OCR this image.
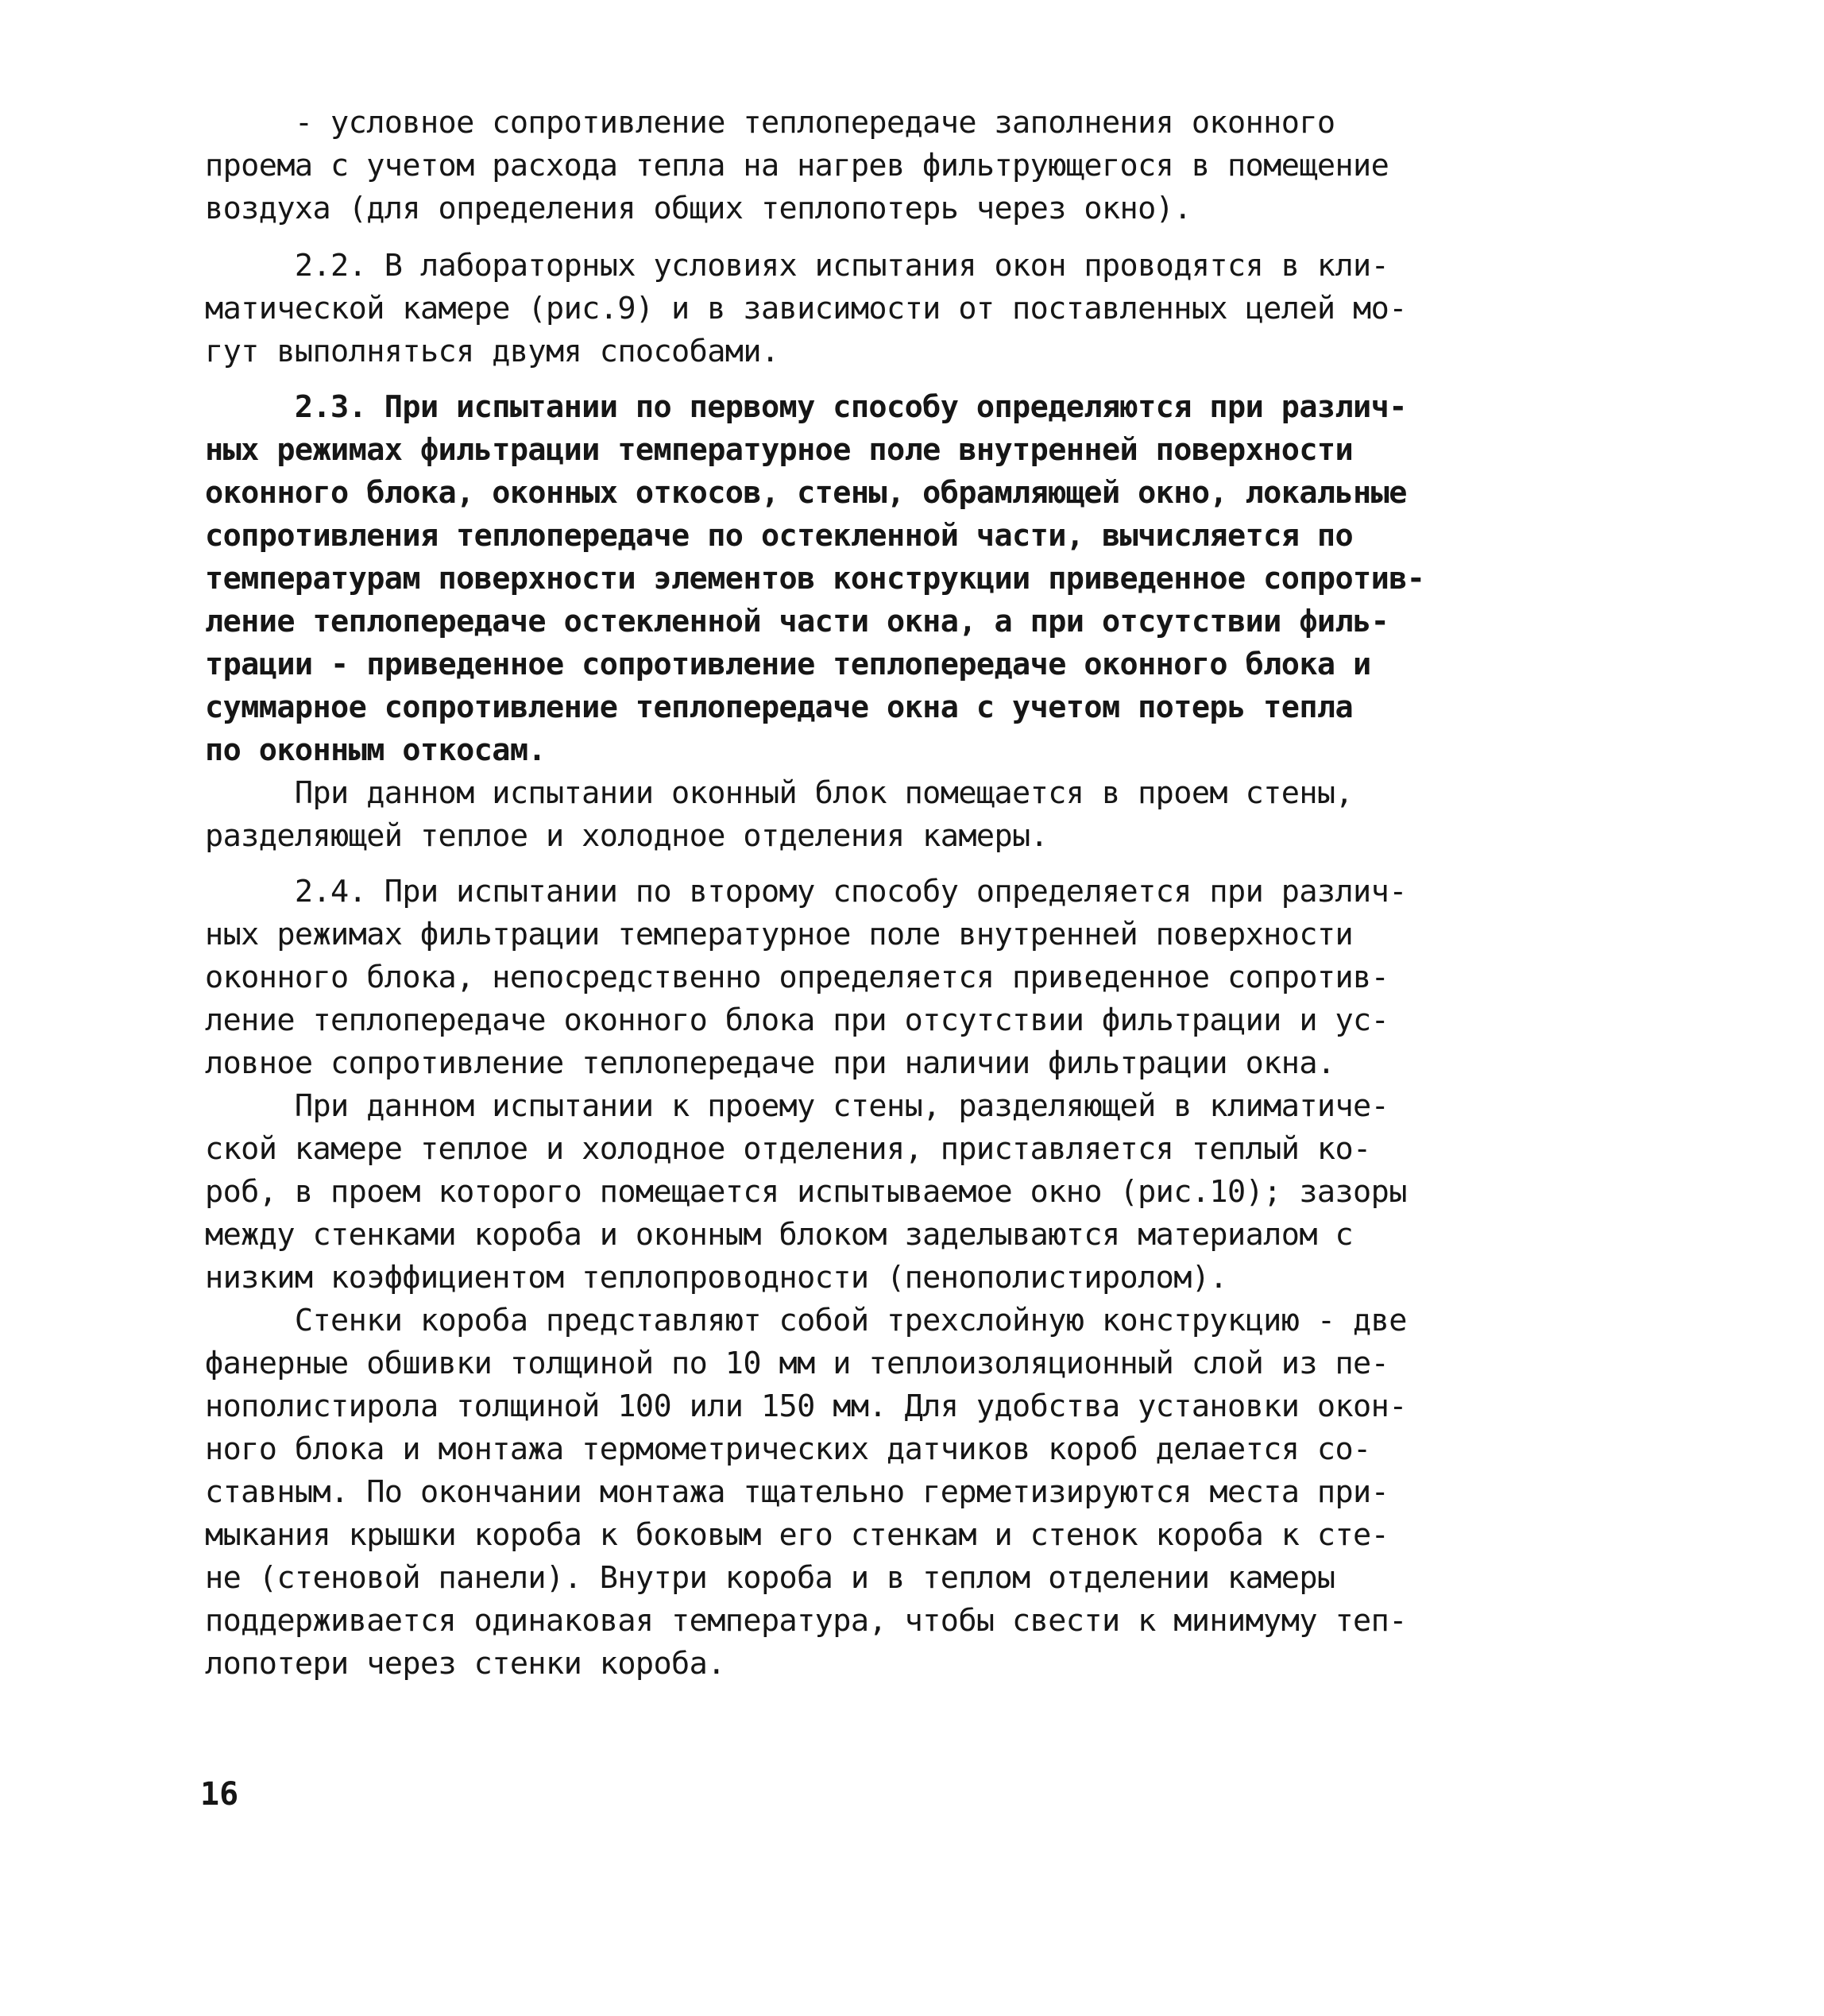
- условное сопротивление теплопередаче заполнения оконного
проема с учетом расхода тепла на нагрев фильтрующегося в помещение
воздуха (для определения общих теплопотерь через окно).
2.2. В лабораторных условиях испытания окон проводятся в кли-
матической камере (рис.9) и в зависимости от поставленных целей мо-
гут выполняться двумя способами.
2.3. При испытании по первому способу определяются при различ-
ных режимах фильтрации температурное поле внутренней поверхности
оконного блока, оконных откосов, стены, обрамляющей окно, локальные
сопротивления теплопередаче по остекленной части, вычисляется по
температурам поверхности элементов конструкции приведенное сопротив-
ление теплопередаче остекленной части окна, а при отсутствии филь-
трации - приведенное сопротивление теплопередаче оконного блока и
суммарное сопротивление теплопередаче окна с учетом потерь тепла
по оконным откосам.
При данном испытании оконный блок помещается в проем стены,
разделяющей теплое и холодное отделения камеры.
2.4. При испытании по второму способу определяется при различ-
ных режимах фильтрации температурное поле внутренней поверхности
оконного блока, непосредственно определяется приведенное сопротив-
ление теплопередаче оконного блока при отсутствии фильтрации и ус-
ловное сопротивление теплопередаче при наличии фильтрации окна.
При данном испытании к проему стены, разделяющей в климатиче-
ской камере теплое и холодное отделения, приставляется теплый ко-
роб, в проем которого помещается испытываемое окно (рис.10); зазоры
между стенками короба и оконным блоком заделываются материалом с
низким коэффициентом теплопроводности (пенополистиролом).
Стенки короба представляют собой трехслойную конструкцию - две
фанерные обшивки толщиной по 10 мм и теплоизоляционный слой из пе-
нополистирола толщиной 100 или 150 мм. Для удобства установки окон-
ного блока и монтажа термометрических датчиков короб делается со-
ставным. По окончании монтажа тщательно герметизируются места при-
мыкания крышки короба к боковым его стенкам и стенок короба к сте-
не (стеновой панели). Внутри короба и в теплом отделении камеры
поддерживается одинаковая температура, чтобы свести к минимуму теп-
лопотери через стенки короба.
16
